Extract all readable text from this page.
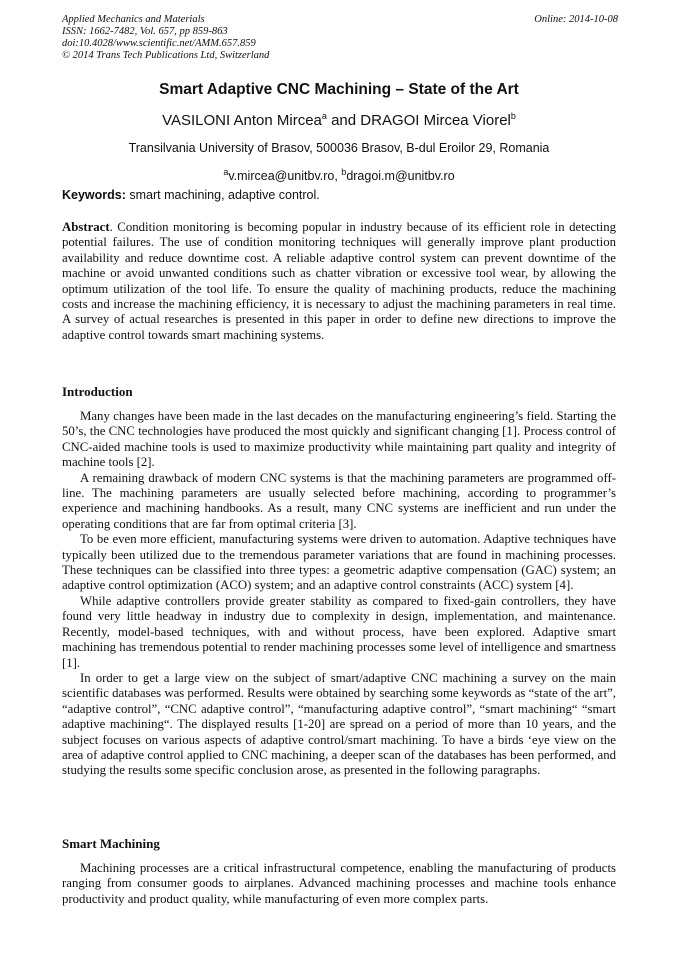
Applied Mechanics and Materials
ISSN: 1662-7482, Vol. 657, pp 859-863
doi:10.4028/www.scientific.net/AMM.657.859
© 2014 Trans Tech Publications Ltd, Switzerland
Online: 2014-10-08
Smart Adaptive CNC Machining – State of the Art
VASILONI Anton Mircea$^a$ and DRAGOI Mircea Viorel$^b$
Transilvania University of Brasov, 500036 Brasov, B-dul Eroilor 29, Romania
$^a$v.mircea@unitbv.ro, $^b$dragoi.m@unitbv.ro
Keywords: smart machining, adaptive control.
Abstract. Condition monitoring is becoming popular in industry because of its efficient role in detecting potential failures. The use of condition monitoring techniques will generally improve plant production availability and reduce downtime cost. A reliable adaptive control system can prevent downtime of the machine or avoid unwanted conditions such as chatter vibration or excessive tool wear, by allowing the optimum utilization of the tool life. To ensure the quality of machining products, reduce the machining costs and increase the machining efficiency, it is necessary to adjust the machining parameters in real time. A survey of actual researches is presented in this paper in order to define new directions to improve the adaptive control towards smart machining systems.
Introduction

Many changes have been made in the last decades on the manufacturing engineering’s field. Starting the 50’s, the CNC technologies have produced the most quickly and significant changing [1]. Process control of CNC-aided machine tools is used to maximize productivity while maintaining part quality and integrity of machine tools [2].

A remaining drawback of modern CNC systems is that the machining parameters are programmed off-line. The machining parameters are usually selected before machining, according to programmer’s experience and machining handbooks. As a result, many CNC systems are inefficient and run under the operating conditions that are far from optimal criteria [3].

To be even more efficient, manufacturing systems were driven to automation. Adaptive techniques have typically been utilized due to the tremendous parameter variations that are found in machining processes. These techniques can be classified into three types: a geometric adaptive compensation (GAC) system; an adaptive control optimization (ACO) system; and an adaptive control constraints (ACC) system [4].

While adaptive controllers provide greater stability as compared to fixed-gain controllers, they have found very little headway in industry due to complexity in design, implementation, and maintenance. Recently, model-based techniques, with and without process, have been explored. Adaptive smart machining has tremendous potential to render machining processes some level of intelligence and smartness [1].

In order to get a large view on the subject of smart/adaptive CNC machining a survey on the main scientific databases was performed. Results were obtained by searching some keywords as “state of the art”, “adaptive control”, “CNC adaptive control”, “manufacturing adaptive control”, “smart machining“ “smart adaptive machining“. The displayed results [1-20] are spread on a period of more than 10 years, and the subject focuses on various aspects of adaptive control/smart machining. To have a birds ‘eye view on the area of adaptive control applied to CNC machining, a deeper scan of the databases has been performed, and studying the results some specific conclusion arose, as presented in the following paragraphs.

Smart Machining

Machining processes are a critical infrastructural competence, enabling the manufacturing of products ranging from consumer goods to airplanes. Advanced machining processes and machine tools enhance productivity and product quality, while manufacturing of even more complex parts.
